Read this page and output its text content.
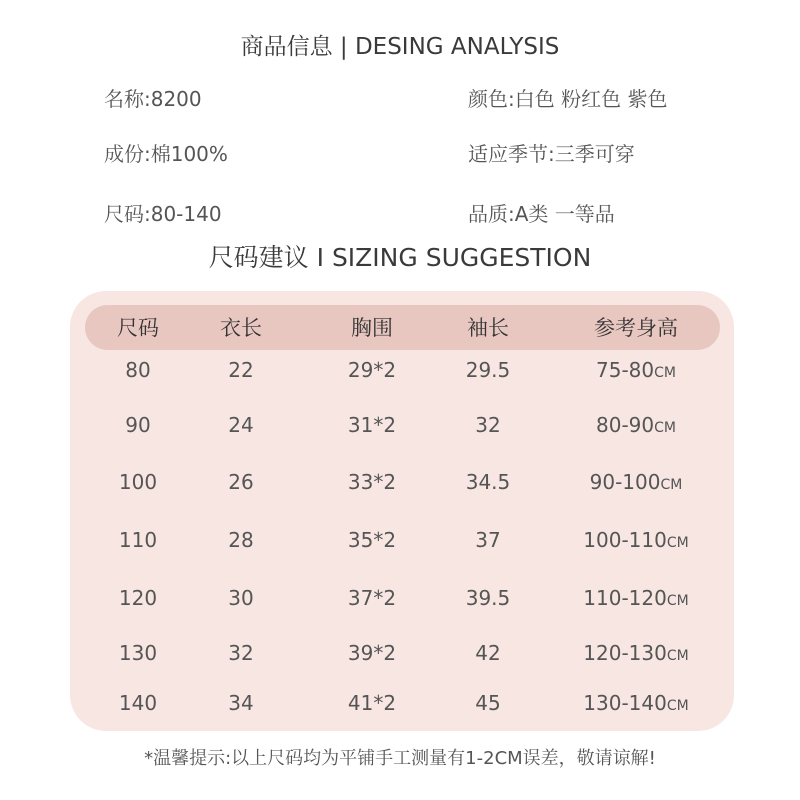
商品信息 | DESING ANALYSIS
名称:8200	颜色:白色 粉红色 紫色
成份:棉100%	适应季节:三季可穿
尺码:80-140	品质:A类 一等品
尺码建议 I SIZING SUGGESTION
尺码	衣长	胸围	袖长	参考身高
80	22	29*2	29.5	75-80CM
90	24	31*2	32	80-90CM
100	26	33*2	34.5	90-100CM
110	28	35*2	37	100-110CM
120	30	37*2	39.5	110-120CM
130	32	39*2	42	120-130CM
140	34	41*2	45	130-140CM
*温馨提示:以上尺码均为平铺手工测量有1-2CM误差，敬请谅解!
